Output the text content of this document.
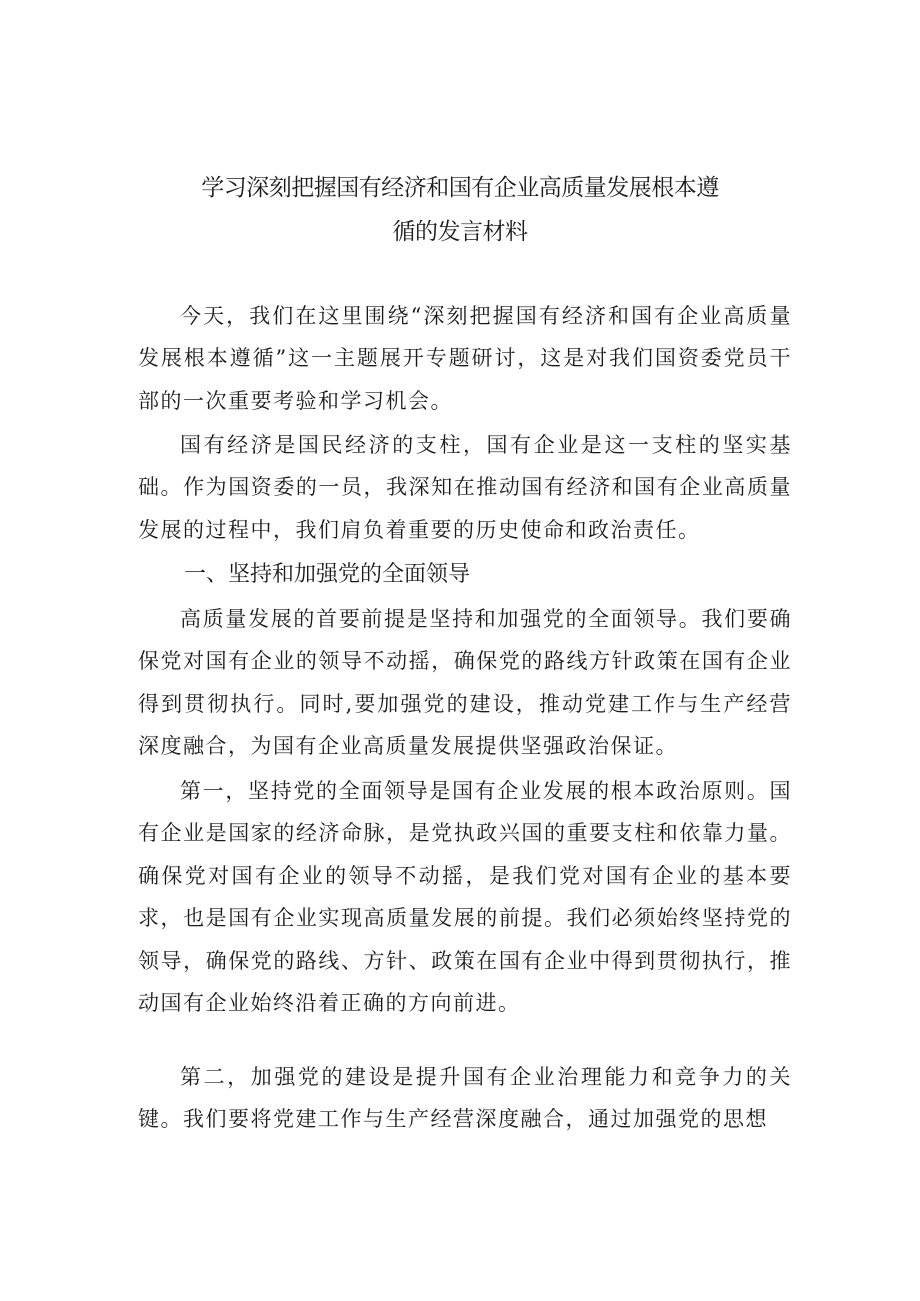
学习深刻把握国有经济和国有企业高质量发展根本遵
循的发言材料

今天，我们在这里围绕“深刻把握国有经济和国有企业高质量发展根本遵循”这一主题展开专题研讨，这是对我们国资委党员干部的一次重要考验和学习机会。

国有经济是国民经济的支柱，国有企业是这一支柱的坚实基础。作为国资委的一员，我深知在推动国有经济和国有企业高质量发展的过程中，我们肩负着重要的历史使命和政治责任。

一、坚持和加强党的全面领导

高质量发展的首要前提是坚持和加强党的全面领导。我们要确保党对国有企业的领导不动摇，确保党的路线方针政策在国有企业得到贯彻执行。同时,要加强党的建设，推动党建工作与生产经营深度融合，为国有企业高质量发展提供坚强政治保证。

第一，坚持党的全面领导是国有企业发展的根本政治原则。国有企业是国家的经济命脉，是党执政兴国的重要支柱和依靠力量。确保党对国有企业的领导不动摇，是我们党对国有企业的基本要求，也是国有企业实现高质量发展的前提。我们必须始终坚持党的领导，确保党的路线、方针、政策在国有企业中得到贯彻执行，推动国有企业始终沿着正确的方向前进。

第二，加强党的建设是提升国有企业治理能力和竞争力的关键。我们要将党建工作与生产经营深度融合，通过加强党的思想
